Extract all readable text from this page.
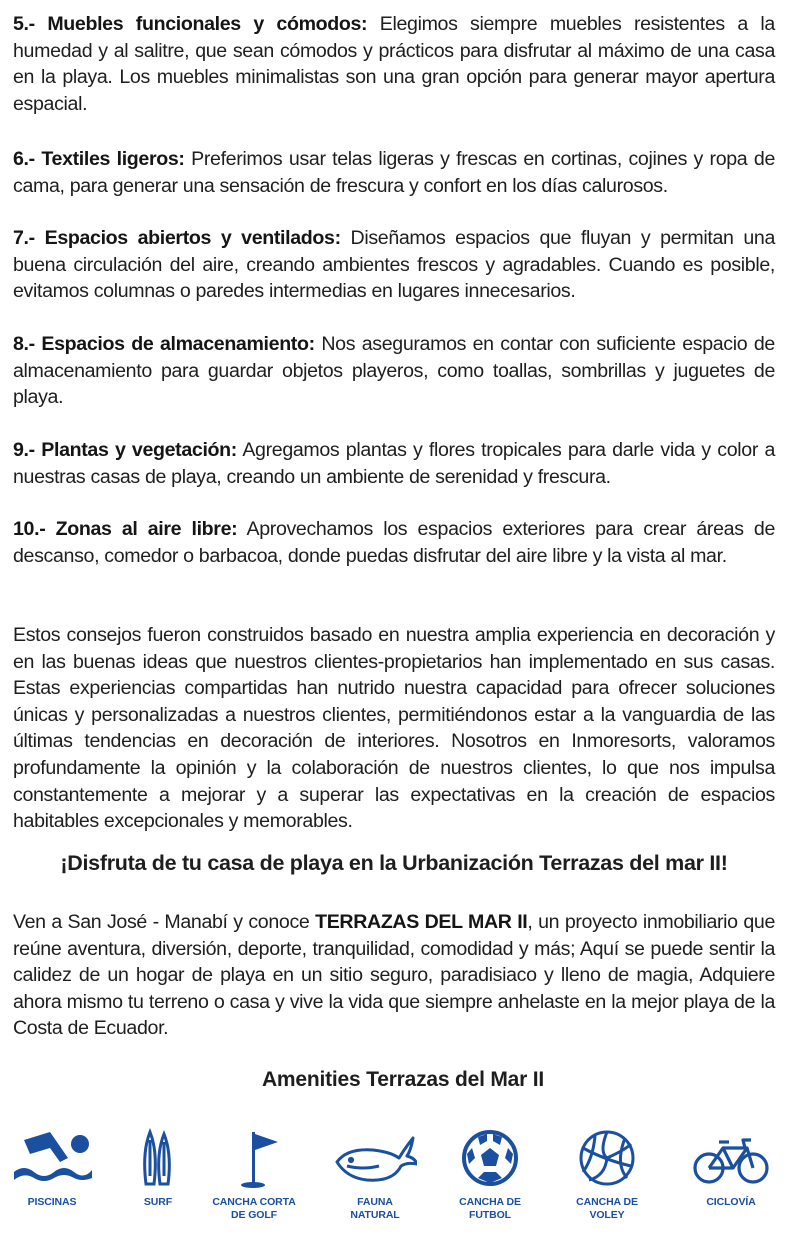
5.- Muebles funcionales y cómodos: Elegimos siempre muebles resistentes a la humedad y al salitre, que sean cómodos y prácticos para disfrutar al máximo de una casa en la playa. Los muebles minimalistas son una gran opción para generar mayor apertura espacial.

6.- Textiles ligeros: Preferimos usar telas ligeras y frescas en cortinas, cojines y ropa de cama, para generar una sensación de frescura y confort en los días calurosos.

7.- Espacios abiertos y ventilados: Diseñamos espacios que fluyan y permitan una buena circulación del aire, creando ambientes frescos y agradables. Cuando es posible, evitamos columnas o paredes intermedias en lugares innecesarios.

8.- Espacios de almacenamiento: Nos aseguramos en contar con suficiente espacio de almacenamiento para guardar objetos playeros, como toallas, sombrillas y juguetes de playa.

9.- Plantas y vegetación: Agregamos plantas y flores tropicales para darle vida y color a nuestras casas de playa, creando un ambiente de serenidad y frescura.

10.- Zonas al aire libre: Aprovechamos los espacios exteriores para crear áreas de descanso, comedor o barbacoa, donde puedas disfrutar del aire libre y la vista al mar.

Estos consejos fueron construidos basado en nuestra amplia experiencia en decoración y en las buenas ideas que nuestros clientes-propietarios han implementado en sus casas. Estas experiencias compartidas han nutrido nuestra capacidad para ofrecer soluciones únicas y personalizadas a nuestros clientes, permitiéndonos estar a la vanguardia de las últimas tendencias en decoración de interiores. Nosotros en Inmoresorts, valoramos profundamente la opinión y la colaboración de nuestros clientes, lo que nos impulsa constantemente a mejorar y a superar las expectativas en la creación de espacios habitables excepcionales y memorables.

¡Disfruta de tu casa de playa en la Urbanización Terrazas del mar II!

Ven a San José - Manabí y conoce TERRAZAS DEL MAR II, un proyecto inmobiliario que reúne aventura, diversión, deporte, tranquilidad, comodidad y más; Aquí se puede sentir la calidez de un hogar de playa en un sitio seguro, paradisiaco y lleno de magia, Adquiere ahora mismo tu terreno o casa y vive la vida que siempre anhelaste en la mejor playa de la Costa de Ecuador.

Amenities Terrazas del Mar II
PISCINAS	SURF	CANCHA CORTA
DE GOLF
FAUNA
NATURAL
CANCHA DE
FUTBOL
CANCHA DE
VOLEY
CICLOVÍA
